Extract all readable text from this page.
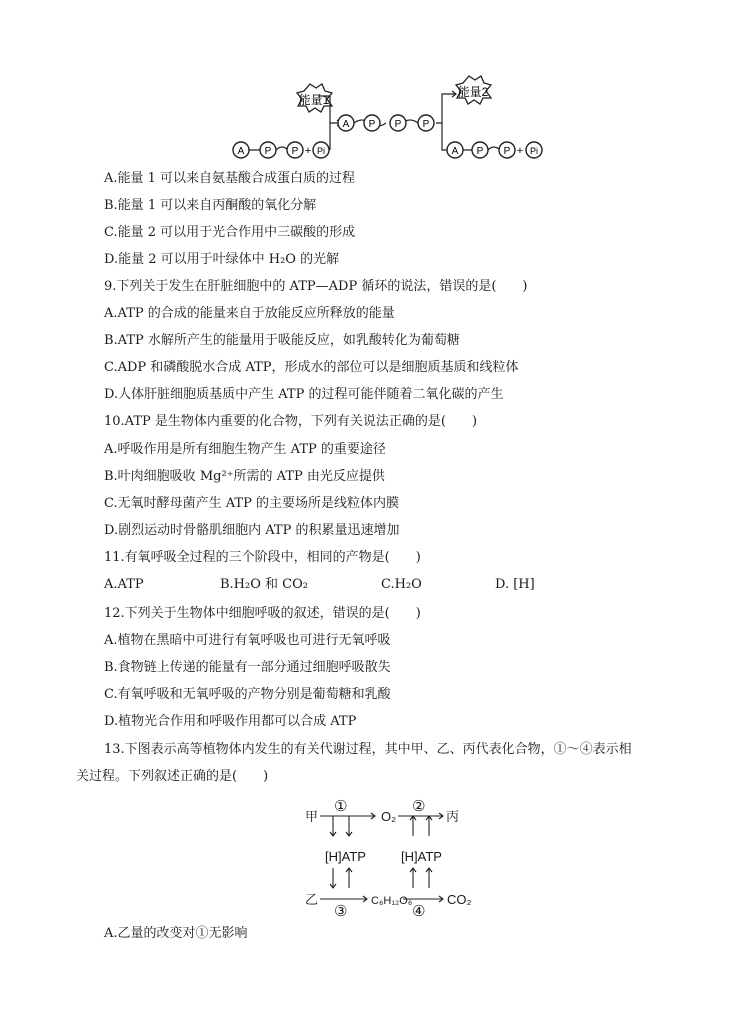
能量1
能量2
A P P P
A P P + Pi	A P P + Pi
A.能量 1 可以来自氨基酸合成蛋白质的过程
B.能量 1 可以来自丙酮酸的氧化分解
C.能量 2 可以用于光合作用中三碳酸的形成
D.能量 2 可以用于叶绿体中 H₂O 的光解
9.下列关于发生在肝脏细胞中的 ATP—ADP 循环的说法，错误的是(　　)
A.ATP 的合成的能量来自于放能反应所释放的能量
B.ATP 水解所产生的能量用于吸能反应，如乳酸转化为葡萄糖
C.ADP 和磷酸脱水合成 ATP，形成水的部位可以是细胞质基质和线粒体
D.人体肝脏细胞质基质中产生 ATP 的过程可能伴随着二氧化碳的产生
10.ATP 是生物体内重要的化合物，下列有关说法正确的是(　　)
A.呼吸作用是所有细胞生物产生 ATP 的重要途径
B.叶肉细胞吸收 Mg²⁺所需的 ATP 由光反应提供
C.无氧时酵母菌产生 ATP 的主要场所是线粒体内膜
D.剧烈运动时骨骼肌细胞内 ATP 的积累量迅速增加
11.有氧呼吸全过程的三个阶段中，相同的产物是(　　)
A.ATP	B.H₂O 和 CO₂	C.H₂O	D. [H]
12.下列关于生物体中细胞呼吸的叙述，错误的是(　　)
A.植物在黑暗中可进行有氧呼吸也可进行无氧呼吸
B.食物链上传递的能量有一部分通过细胞呼吸散失
C.有氧呼吸和无氧呼吸的产物分别是葡萄糖和乳酸
D.植物光合作用和呼吸作用都可以合成 ATP
13.下图表示高等植物体内发生的有关代谢过程，其中甲、乙、丙代表化合物，①～④表示相
关过程。下列叙述正确的是(　　)
甲	O₂	丙
[H]ATP	[H]ATP
乙	C₆H₁₂O₆	CO₂
①	②
③	④
A.乙量的改变对①无影响
